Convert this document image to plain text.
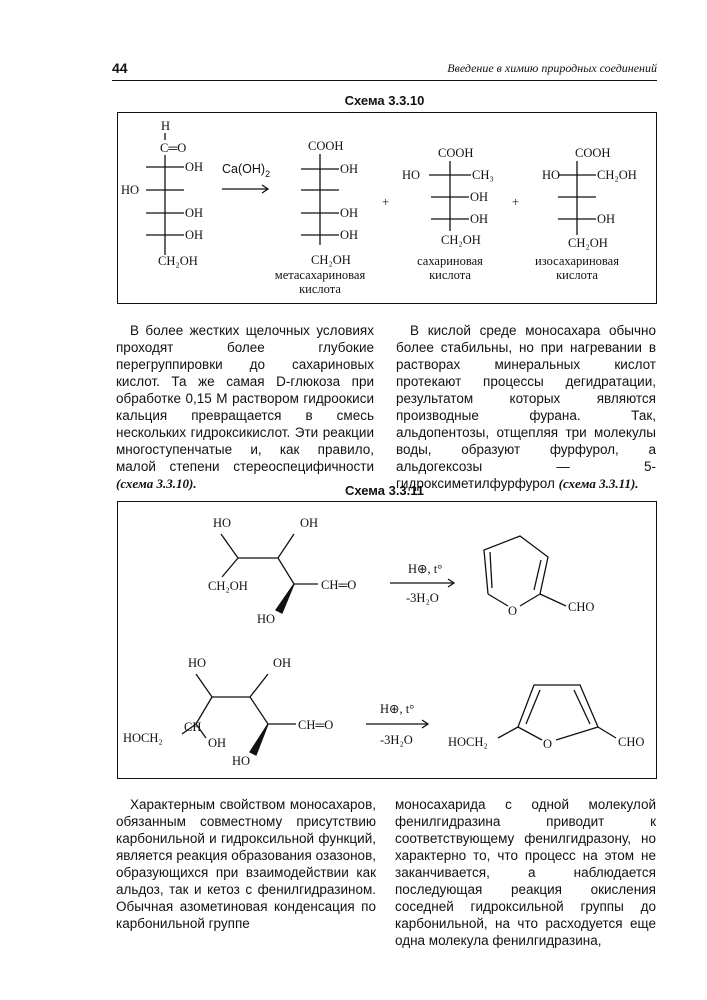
44	Введение в химию природных соединений
Схема 3.3.10
H
C═O
OH
HO
OH
OH
CH₂OH
$Ca(OH)_2$
COOH
OH
OH
OH
CH₂OH
метасахариновая
кислота
+
COOH
HO	CH₃
OH
OH
CH₂OH
сахариновая
кислота
+
COOH
HO	CH₂OH
OH
CH₂OH
изосахариновая
кислота

В более жестких щелочных условиях проходят более глубокие перегруппировки до сахариновых кислот. Та же самая D-глюкоза при обработке 0,15 М раствором гидроокиси кальция превращается в смесь нескольких гидроксикислот. Эти реакции многоступенчатые и, как правило, малой степени стереоспецифичности (схема 3.3.10).

В кислой среде моносахара обычно более стабильны, но при нагревании в растворах минеральных кислот протекают процессы дегидратации, результатом которых являются производные фурана. Так, альдопентозы, отщепляя три молекулы воды, образуют фурфурол, а альдогексозы — 5-гидроксиметилфурфурол (схема 3.3.11).

Схема 3.3.11
HO	OH
CH₂OH	CH═O
HO
H⊕, t°
-3H₂O
O	CHO
HO	OH
CH
HOCH₂	OH
CH═O
HO
H⊕, t°
-3H₂O	O
HOCH₂	CHO

Характерным свойством моносахаров, обязанным совместному присутствию карбонильной и гидроксильной функций, является реакция образования озазонов, образующихся при взаимодействии как альдоз, так и кетоз с фенилгидразином. Обычная азометиновая конденсация по карбонильной группе

моносахарида с одной молекулой фенилгидразина приводит к соответствующему фенилгидразону, но характерно то, что процесс на этом не заканчивается, а наблюдается последующая реакция окисления соседней гидроксильной группы до карбонильной, на что расходуется еще одна молекула фенилгидразина,
